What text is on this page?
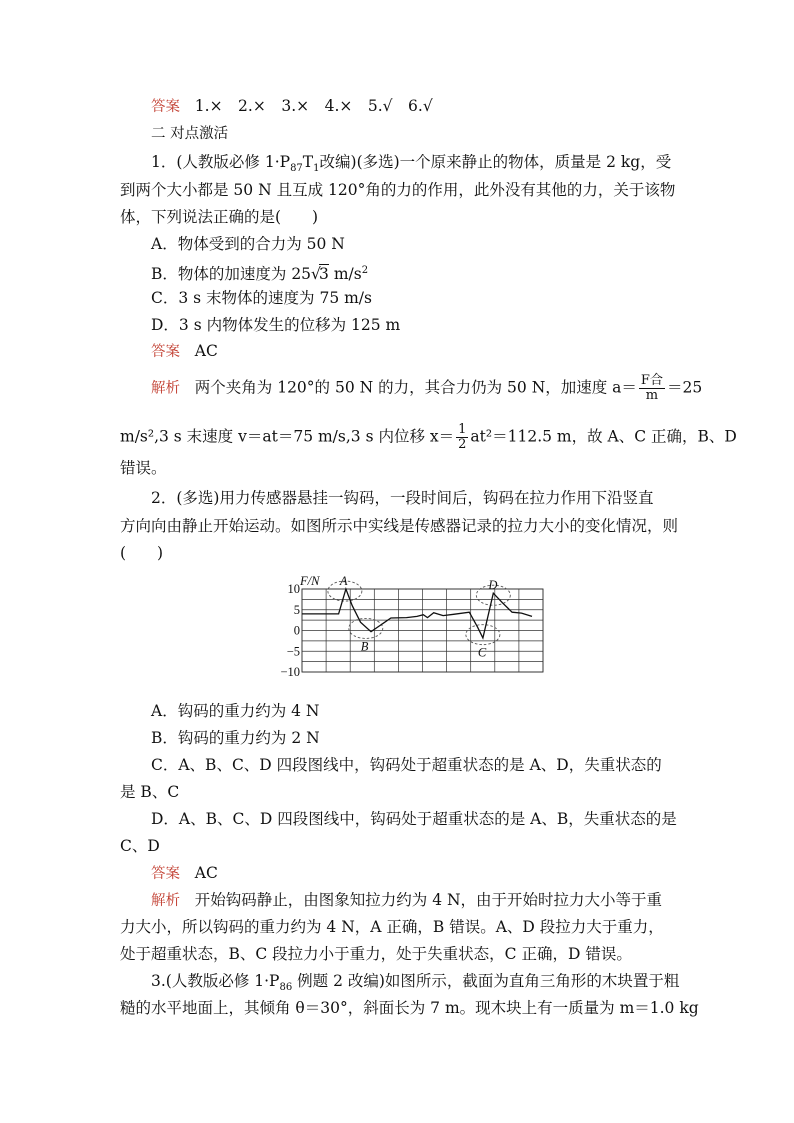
答案 1.×　2.×　3.×　4.×　5.√　6.√
二 对点激活
1．(人教版必修 $1\cdot P_{87}T_1$改编)(多选)一个原来静止的物体，质量是 2 kg，受
到两个大小都是 50 N 且互成 120°角的力的作用，此外没有其他的力，关于该物
体，下列说法正确的是(　　)
A．物体受到的合力为 50 N
B．物体的加速度为 25 √
3 $m/s^2$
C．3 s 末物体的速度为 75 m/s
D．3 s 内物体发生的位移为 125 m
答案 AC
解析 两个夹角为 120°的 50 N 的力，其合力仍为 50 N，加速度 $a= \frac{\text{F合}}{m} =25$
m/s²,3 s 末速度 v＝at＝75 m/s,3 s 内位移 $x= \frac{1}{2} at^2=112.5$ m，故 A、C 正确，B、D
错误。
2．(多选)用力传感器悬挂一钩码，一段时间后，钩码在拉力作用下沿竖直
方向向由静止开始运动。如图所示中实线是传感器记录的拉力大小的变化情况，则
(　　)
10
5
0
−5
−10
F/N A
B	C
D
A．钩码的重力约为 4 N
B．钩码的重力约为 2 N
C．A、B、C、D 四段图线中，钩码处于超重状态的是 A、D，失重状态的
是 B、C
D．A、B、C、D 四段图线中，钩码处于超重状态的是 A、B，失重状态的是
C、D
答案 AC
解析 开始钩码静止，由图象知拉力约为 4 N，由于开始时拉力大小等于重
力大小，所以钩码的重力约为 4 N，A 正确，B 错误。A、D 段拉力大于重力，
处于超重状态，B、C 段拉力小于重力，处于失重状态，C 正确，D 错误。
3.(人教版必修 $1\cdot P_{86}$ 例题 2 改编)如图所示，截面为直角三角形的木块置于粗
糙的水平地面上，其倾角 θ＝30°，斜面长为 7 m。现木块上有一质量为 m＝1.0 kg
